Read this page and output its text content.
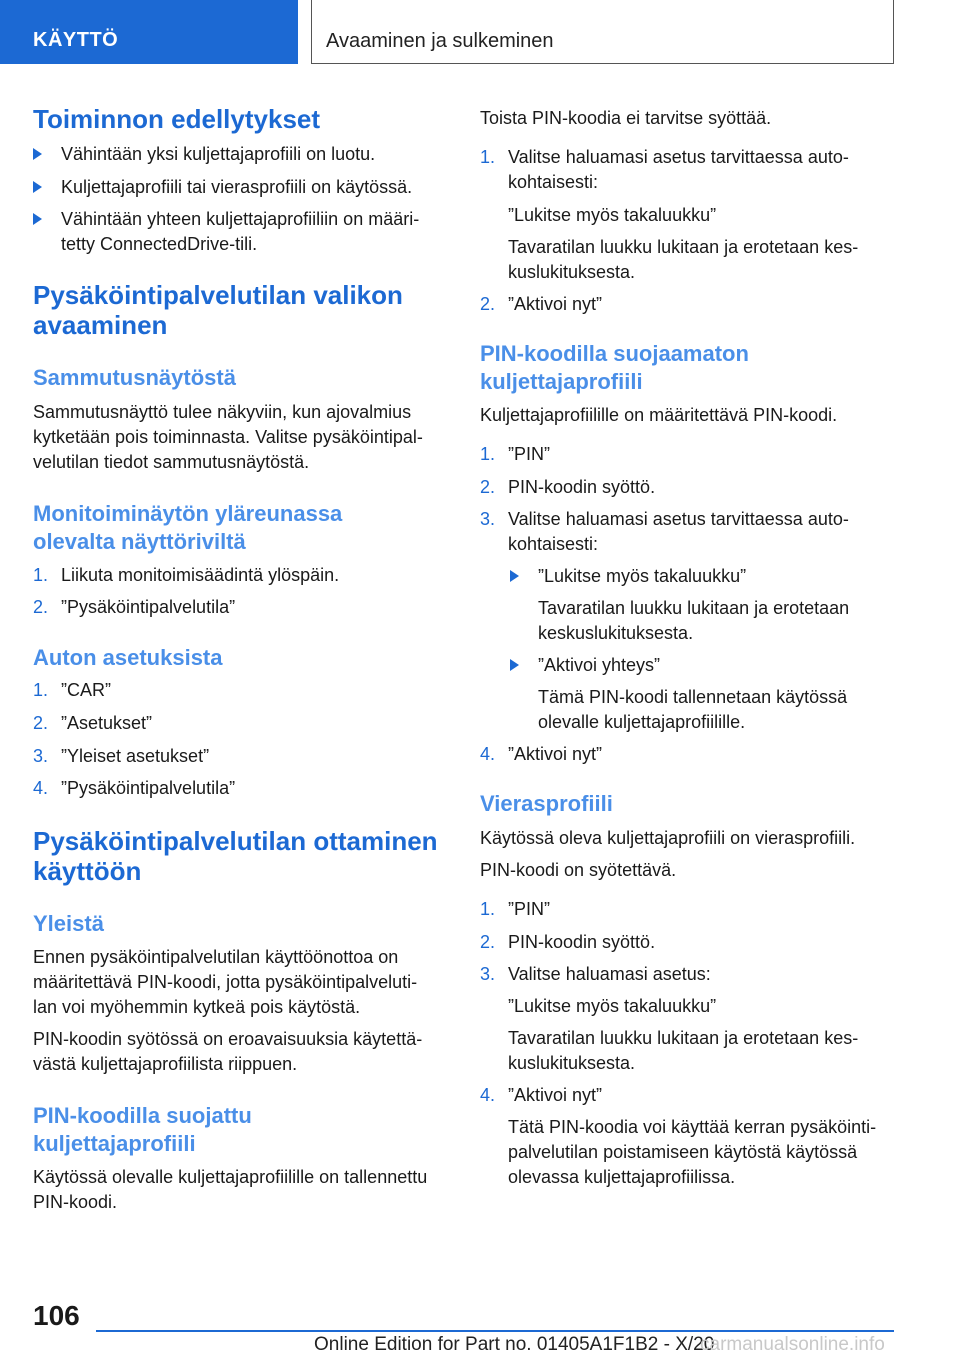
KÄYTTÖ	Avaaminen ja sulkeminen
Toiminnon edellytykset
Vähintään yksi kuljettajaprofiili on luotu.
Kuljettajaprofiili tai vierasprofiili on käytössä.
Vähintään yhteen kuljettajaprofiiliin on määri-
tetty ConnectedDrive-tili.
Pysäköintipalvelutilan valikon
avaaminen
Sammutusnäytöstä
Sammutusnäyttö tulee näkyviin, kun ajovalmius
kytketään pois toiminnasta. Valitse pysäköintipal-
velutilan tiedot sammutusnäytöstä.
Monitoiminäytön yläreunassa
olevalta näyttöriviltä
1. Liikuta monitoimisäädintä ylöspäin.
2. ”Pysäköintipalvelutila”
Auton asetuksista
1. ”CAR”
2. ”Asetukset”
3. ”Yleiset asetukset”
4. ”Pysäköintipalvelutila”
Pysäköintipalvelutilan ottaminen
käyttöön
Yleistä
Ennen pysäköintipalvelutilan käyttöönottoa on
määritettävä PIN-koodi, jotta pysäköintipalveluti-
lan voi myöhemmin kytkeä pois käytöstä.
PIN-koodin syötössä on eroavaisuuksia käytettä-
västä kuljettajaprofiilista riippuen.
PIN-koodilla suojattu
kuljettajaprofiili
Käytössä olevalle kuljettajaprofiilille on tallennettu
PIN-koodi.
Toista PIN-koodia ei tarvitse syöttää.
1. Valitse haluamasi asetus tarvittaessa auto-
kohtaisesti:
”Lukitse myös takaluukku”
Tavaratilan luukku lukitaan ja erotetaan kes-
kuslukituksesta.
2. ”Aktivoi nyt”
PIN-koodilla suojaamaton
kuljettajaprofiili
Kuljettajaprofiilille on määritettävä PIN-koodi.
1. ”PIN”
2. PIN-koodin syöttö.
3. Valitse haluamasi asetus tarvittaessa auto-
kohtaisesti:
”Lukitse myös takaluukku”
Tavaratilan luukku lukitaan ja erotetaan
keskuslukituksesta.
”Aktivoi yhteys”
Tämä PIN-koodi tallennetaan käytössä
olevalle kuljettajaprofiilille.
4. ”Aktivoi nyt”
Vierasprofiili
Käytössä oleva kuljettajaprofiili on vierasprofiili.
PIN-koodi on syötettävä.
1. ”PIN”
2. PIN-koodin syöttö.
3. Valitse haluamasi asetus:
”Lukitse myös takaluukku”
Tavaratilan luukku lukitaan ja erotetaan kes-
kuslukituksesta.
4. ”Aktivoi nyt”
Tätä PIN-koodia voi käyttää kerran pysäköinti-
palvelutilan poistamiseen käytöstä käytössä
olevassa kuljettajaprofiilissa.
106
Online Edition for Part no. 01405A1F1B2 - X/20
carmanualsonline.info
